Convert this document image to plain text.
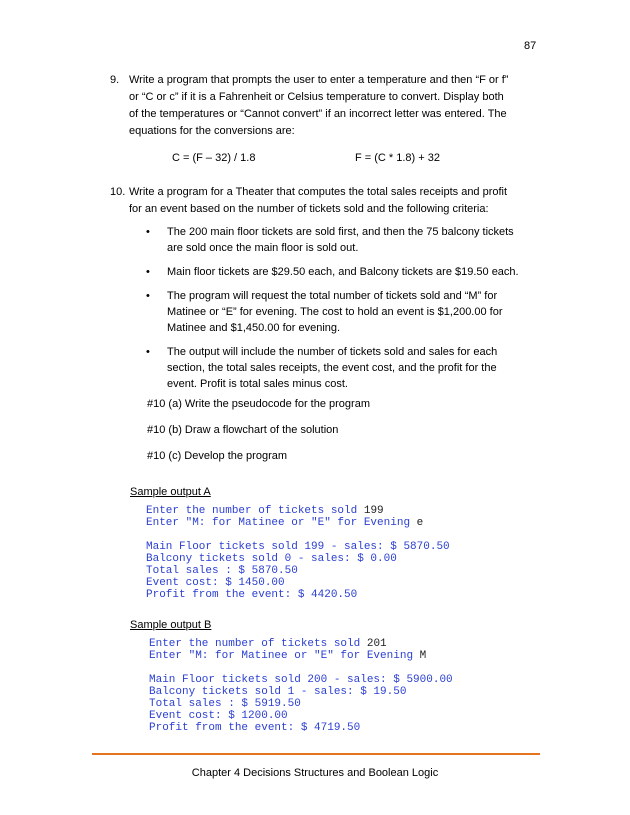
87
9. Write a program that prompts the user to enter a temperature and then “F or f”
or “C or c” if it is a Fahrenheit or Celsius temperature to convert. Display both
of the temperatures or “Cannot convert” if an incorrect letter was entered. The
equations for the conversions are:
C = (F – 32) / 1.8	F = (C * 1.8) + 32
10. Write a program for a Theater that computes the total sales receipts and profit
for an event based on the number of tickets sold and the following criteria:
• The 200 main floor tickets are sold first, and then the 75 balcony tickets
are sold once the main floor is sold out.
• Main floor tickets are $29.50 each, and Balcony tickets are $19.50 each.
• The program will request the total number of tickets sold and “M” for
Matinee or “E” for evening. The cost to hold an event is $1,200.00 for
Matinee and $1,450.00 for evening.
• The output will include the number of tickets sold and sales for each
section, the total sales receipts, the event cost, and the profit for the
event. Profit is total sales minus cost.
#10 (a) Write the pseudocode for the program
#10 (b) Draw a flowchart of the solution
#10 (c) Develop the program
Sample output A
Enter the number of tickets sold 199
Enter "M: for Matinee or "E" for Evening e

Main Floor tickets sold 199 - sales: $ 5870.50
Balcony tickets sold 0 - sales: $ 0.00
Total sales : $ 5870.50
Event cost: $ 1450.00
Profit from the event: $ 4420.50
Sample output B
Enter the number of tickets sold 201
Enter "M: for Matinee or "E" for Evening M

Main Floor tickets sold 200 - sales: $ 5900.00
Balcony tickets sold 1 - sales: $ 19.50
Total sales : $ 5919.50
Event cost: $ 1200.00
Profit from the event: $ 4719.50
Chapter 4 Decisions Structures and Boolean Logic
